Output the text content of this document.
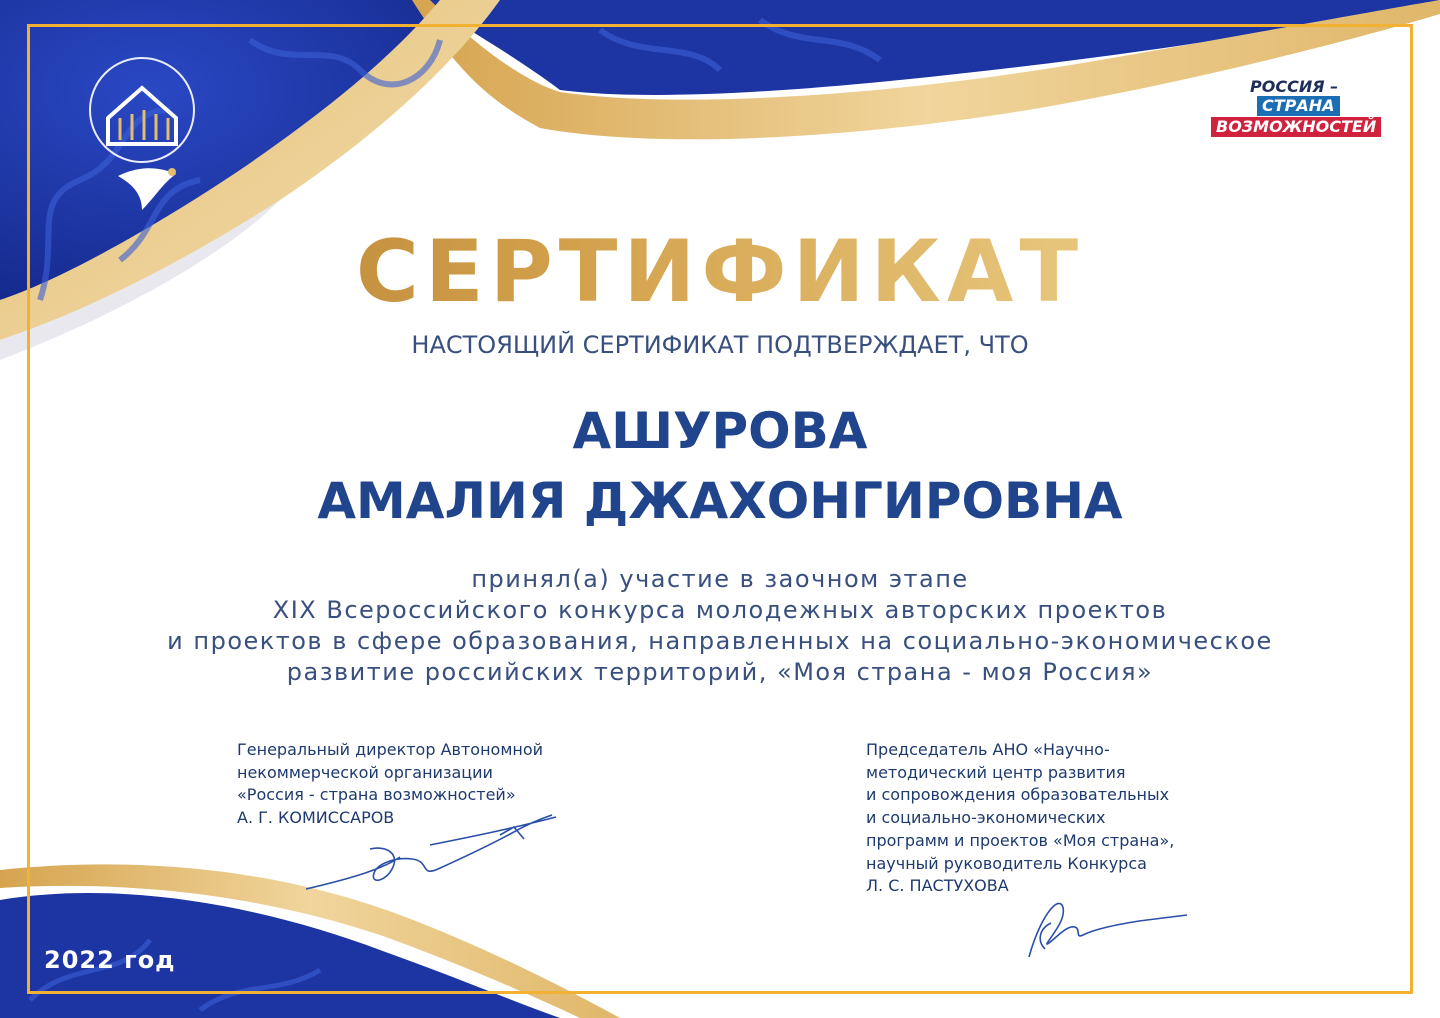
РОССИЯ –
СТРАНА
ВОЗМОЖНОСТЕЙ
СЕРТИФИКАТ
НАСТОЯЩИЙ СЕРТИФИКАТ ПОДТВЕРЖДАЕТ, ЧТО
АШУРОВА
АМАЛИЯ ДЖАХОНГИРОВНА
принял(а) участие в заочном этапе
XIX Всероссийского конкурса молодежных авторских проектов
и проектов в сфере образования, направленных на социально-экономическое
развитие российских территорий, «Моя страна - моя Россия»
Генеральный директор Автономной
некоммерческой организации
«Россия - страна возможностей»
А. Г. КОМИССАРОВ
Председатель АНО «Научно-
методический центр развития
и сопровождения образовательных
и социально-экономических
программ и проектов «Моя страна»,
научный руководитель Конкурса
Л. С. ПАСТУХОВА
2022 год
